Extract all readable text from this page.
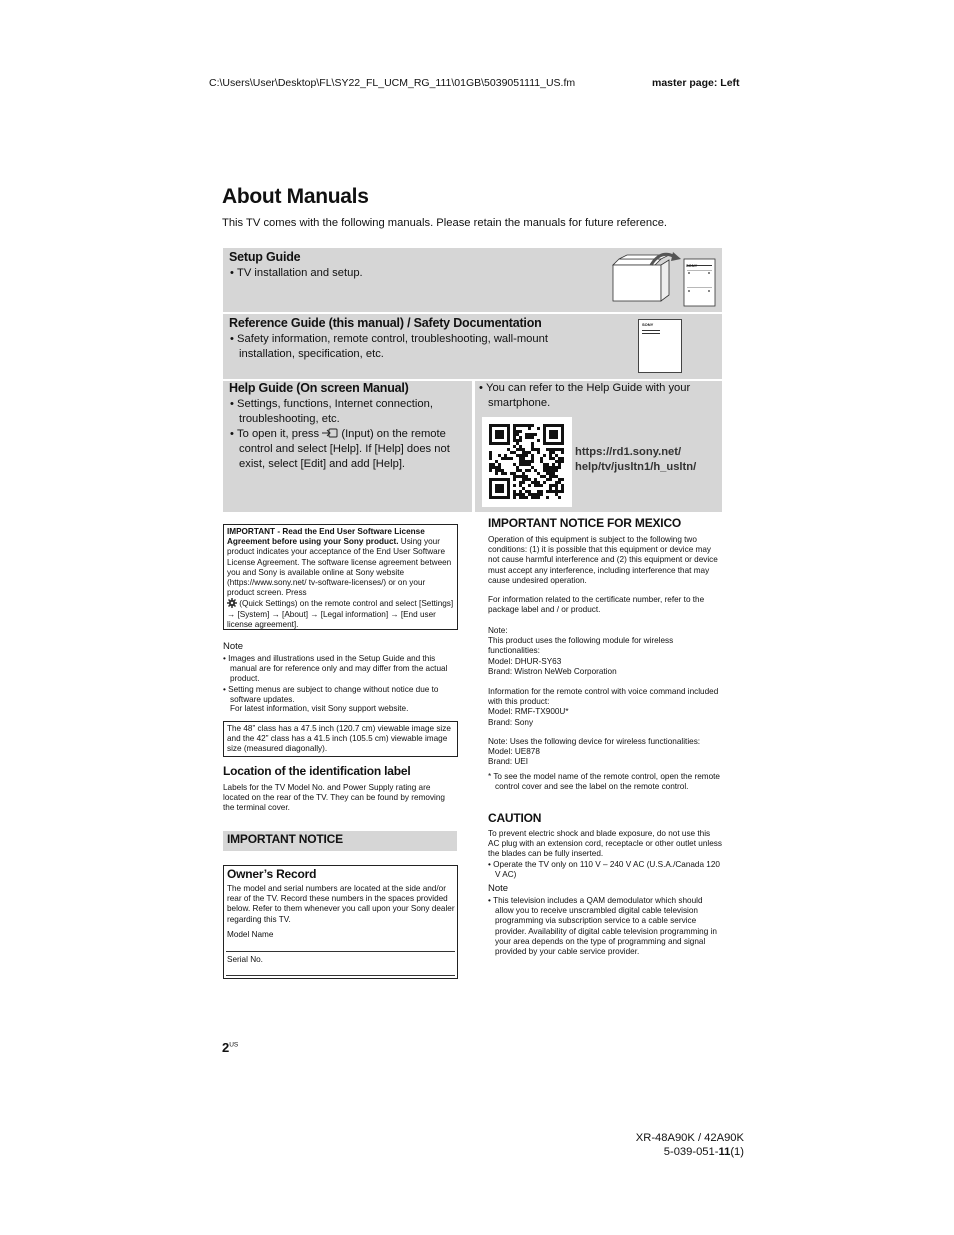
C:\Users\User\Desktop\FL\SY22_FL_UCM_RG_111\01GB\5039051111_US.fm	master page: Left
About Manuals
This TV comes with the following manuals. Please retain the manuals for future reference.
Setup Guide
• TV installation and setup.
SONY
Reference Guide (this manual) / Safety Documentation
• Safety information, remote control, troubleshooting, wall-mount installation, specification, etc.
SONY
Help Guide (On screen Manual)
• Settings, functions, Internet connection, troubleshooting, etc.
• To open it, press (Input) on the remote control and select [Help]. If [Help] does not exist, select [Edit] and add [Help].
• You can refer to the Help Guide with your smartphone.
https://rd1.sony.net/
help/tv/jusltn1/h_usltn/
IMPORTANT - Read the End User Software License Agreement before using your Sony product. Using your product indicates your acceptance of the End User Software License Agreement. The software license agreement between you and Sony is available online at Sony website (https://www.sony.net/ tv-software-licenses/) or on your product screen. Press
(Quick Settings) on the remote control and select [Settings] → [System] → [About] → [Legal information] → [End user license agreement].
Note
• Images and illustrations used in the Setup Guide and this manual are for reference only and may differ from the actual product.
• Setting menus are subject to change without notice due to software updates.
For latest information, visit Sony support website.
The 48” class has a 47.5 inch (120.7 cm) viewable image size and the 42” class has a 41.5 inch (105.5 cm) viewable image size (measured diagonally).
Location of the identification label
Labels for the TV Model No. and Power Supply rating are located on the rear of the TV. They can be found by removing the terminal cover.
IMPORTANT NOTICE
Owner’s Record
The model and serial numbers are located at the side and/or rear of the TV. Record these numbers in the spaces provided below. Refer to them whenever you call upon your Sony dealer regarding this TV.
Model Name
Serial No.
IMPORTANT NOTICE FOR MEXICO
Operation of this equipment is subject to the following two conditions: (1) it is possible that this equipment or device may not cause harmful interference and (2) this equipment or device must accept any interference, including interference that may cause undesired operation.
For information related to the certificate number, refer to the package label and / or product.
Note:
This product uses the following module for wireless functionalities:
Model: DHUR-SY63
Brand: Wistron NeWeb Corporation
Information for the remote control with voice command included with this product:
Model: RMF-TX900U*
Brand: Sony
Note: Uses the following device for wireless functionalities:
Model: UE878
Brand: UEI
* To see the model name of the remote control, open the remote control cover and see the label on the remote control.
CAUTION
To prevent electric shock and blade exposure, do not use this AC plug with an extension cord, receptacle or other outlet unless the blades can be fully inserted.
• Operate the TV only on 110 V – 240 V AC (U.S.A./Canada 120 V AC)
Note
• This television includes a QAM demodulator which should allow you to receive unscrambled digital cable television programming via subscription service to a cable service provider. Availability of digital cable television programming in your area depends on the type of programming and signal provided by your cable service provider.
$2^{US}$
XR-48A90K / 42A90K
5-039-051-11(1)
